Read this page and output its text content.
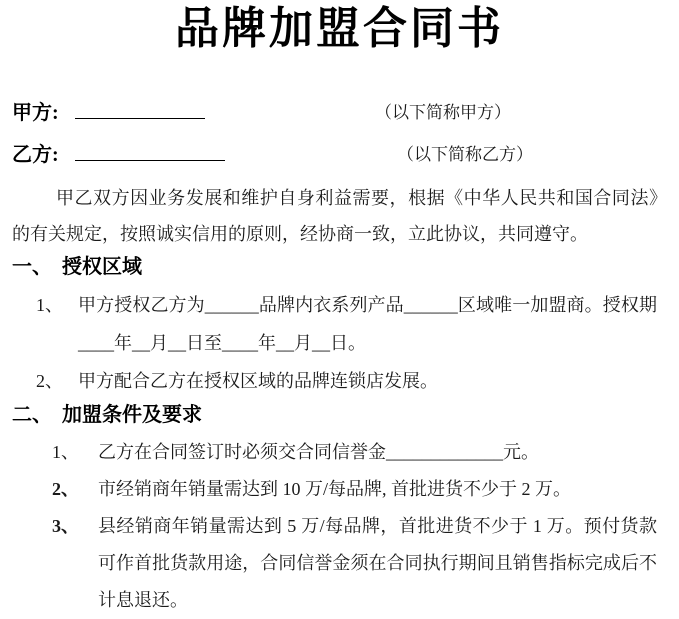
品牌加盟合同书
甲方:	（以下简称甲方）
乙方:	（以下简称乙方）

甲乙双方因业务发展和维护自身利益需要，根据《中华人民共和国合同法》的有关规定，按照诚实信用的原则，经协商一致，立此协议，共同遵守。

一、 授权区域
1、 甲方授权乙方为______品牌内衣系列产品______区域唯一加盟商。授权期____年__月__日至____年__月__日。
2、 甲方配合乙方在授权区域的品牌连锁店发展。
二、 加盟条件及要求
1、	乙方在合同签订时必须交合同信誉金_____________元。
2、	市经销商年销量需达到 10 万/每品牌, 首批进货不少于 2 万。
3、	县经销商年销量需达到 5 万/每品牌，首批进货不少于 1 万。预付货款可作首批货款用途，合同信誉金须在合同执行期间且销售指标完成后不计息退还。
